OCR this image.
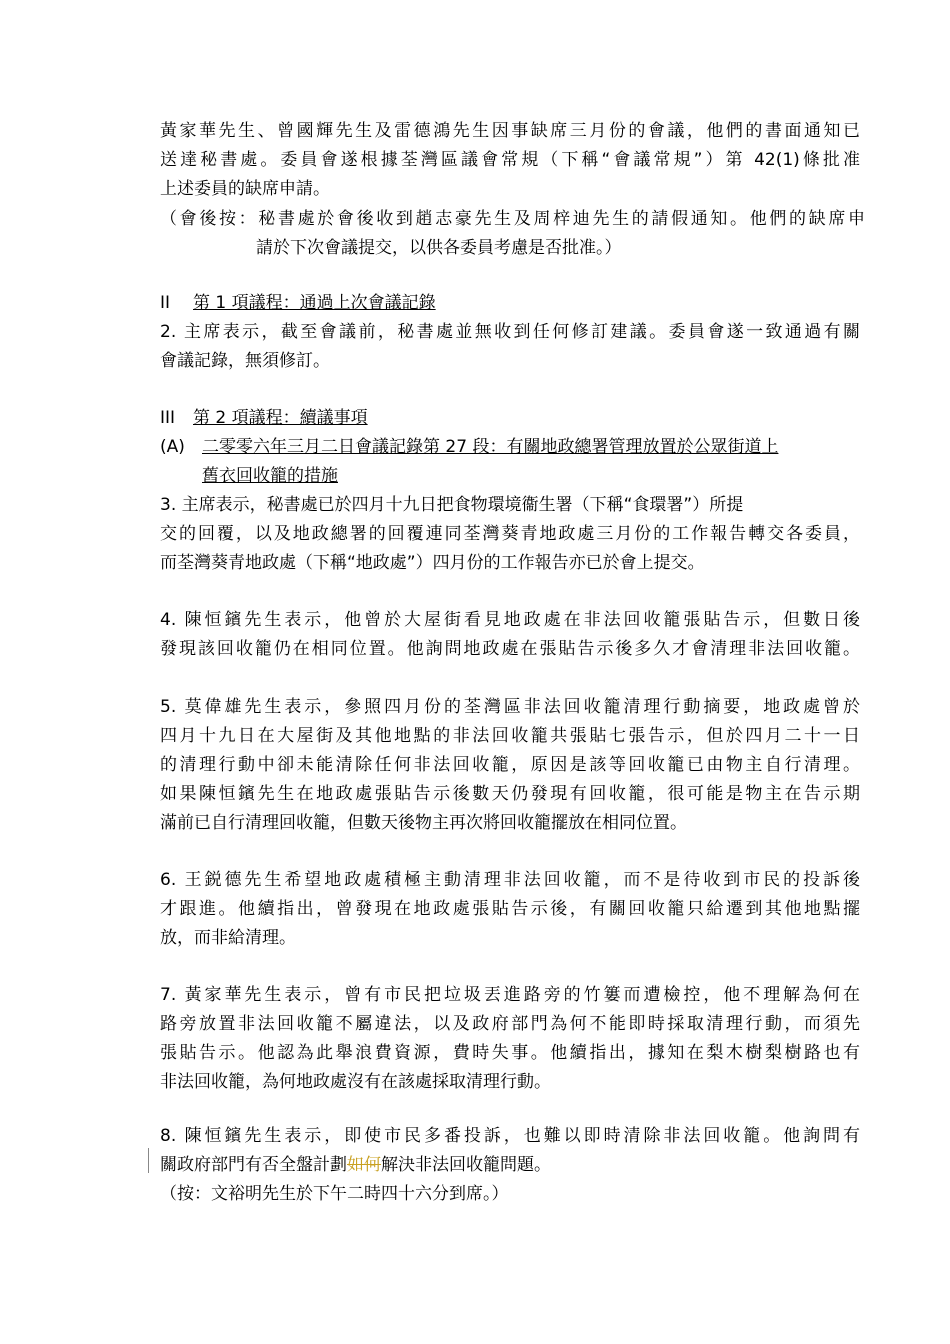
黃家華先生、曾國輝先生及雷德鴻先生因事缺席三月份的會議，他們的書面通知已
送達秘書處。委員會遂根據荃灣區議會常規（下稱“會議常規”）第 42(1)條批准
上述委員的缺席申請。
（會後按：秘書處於會後收到趙志豪先生及周梓迪先生的請假通知。他們的缺席申
請於下次會議提交，以供各委員考慮是否批准。）
II 第 1 項議程：通過上次會議記錄
2. 主席表示，截至會議前，秘書處並無收到任何修訂建議。委員會遂一致通過有關
會議記錄，無須修訂。
III 第 2 項議程：續議事項
(A) 二零零六年三月二日會議記錄第 27 段：有關地政總署管理放置於公眾街道上
舊衣回收籠的措施
3. 主席表示，秘書處已於四月十九日把食物環境衞生署（下稱“食環署”）所提
交的回覆，以及地政總署的回覆連同荃灣葵青地政處三月份的工作報告轉交各委員，
而荃灣葵青地政處（下稱“地政處”）四月份的工作報告亦已於會上提交。
4. 陳恒鑌先生表示，他曾於大屋街看見地政處在非法回收籠張貼告示，但數日後
發現該回收籠仍在相同位置。他詢問地政處在張貼告示後多久才會清理非法回收籠。
5. 莫偉雄先生表示，參照四月份的荃灣區非法回收籠清理行動摘要，地政處曾於
四月十九日在大屋街及其他地點的非法回收籠共張貼七張告示，但於四月二十一日
的清理行動中卻未能清除任何非法回收籠，原因是該等回收籠已由物主自行清理。
如果陳恒鑌先生在地政處張貼告示後數天仍發現有回收籠，很可能是物主在告示期
滿前已自行清理回收籠，但數天後物主再次將回收籠擺放在相同位置。
6. 王鋭德先生希望地政處積極主動清理非法回收籠，而不是待收到市民的投訴後
才跟進。他續指出，曾發現在地政處張貼告示後，有關回收籠只給遷到其他地點擺
放，而非給清理。
7. 黃家華先生表示，曾有市民把垃圾丟進路旁的竹簍而遭檢控，他不理解為何在
路旁放置非法回收籠不屬違法，以及政府部門為何不能即時採取清理行動，而須先
張貼告示。他認為此舉浪費資源，費時失事。他續指出，據知在梨木樹梨樹路也有
非法回收籠，為何地政處沒有在該處採取清理行動。
8. 陳恒鑌先生表示，即使市民多番投訴，也難以即時清除非法回收籠。他詢問有
關政府部門有否全盤計劃如何解決非法回收籠問題。
（按：文裕明先生於下午二時四十六分到席。）
